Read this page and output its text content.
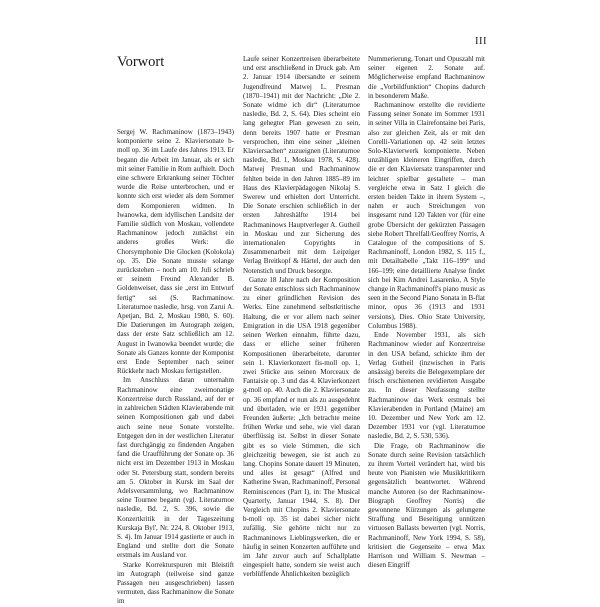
III
Vorwort

Sergej W. Rachmaninow (1873–1943) komponierte seine 2. Klaviersonate b-moll op. 36 im Laufe des Jahres 1913. Er begann die Arbeit im Januar, als er sich mit seiner Familie in Rom aufhielt. Doch eine schwere Erkrankung seiner Töchter wurde die Reise unterbrochen, und er konnte sich erst wieder als dem Sommer dem Komponieren widmen. In Iwanowka, dem idyllischen Landsitz der Familie südlich von Moskau, vollendete Rachmaninow jedoch zunächst ein anderes großes Werk: die Chorsymphonie Die Glocken (Kolokola) op. 35. Die Sonate musste solange zurückstehen – noch am 10. Juli schrieb er seinem Freund Alexander B. Goldenweiser, dass sie „erst im Entwurf fertig“ sei (S. Rachmaninow. Literaturnoe nasledie, hrsg. von Zarui A. Apetjan, Bd. 2, Moskau 1980, S. 60). Die Datierungen im Autograph zeigen, dass der erste Satz schließlich am 12. August in Iwanowka beendet wurde; die Sonate als Ganzes konnte der Komponist erst Ende September nach seiner Rückkehr nach Moskau fertigstellen.

Im Anschluss daran unternahm Rachmaninow eine zweimonatige Konzertreise durch Russland, auf der er in zahlreichen Städten Klavierabende mit seinen Kompositionen gab und dabei auch seine neue Sonate vorstellte. Entgegen den in der westlichen Literatur fast durchgängig zu findenden Angaben fand die Uraufführung der Sonate op. 36 nicht erst im Dezember 1913 in Moskau oder St. Petersburg statt, sondern bereits am 5. Oktober in Kursk im Saal der Adelsversammlung, wo Rachmaninow seine Tournee begann (vgl. Literaturnoe nasledie, Bd. 2, S. 396, sowie die Konzertkritik in der Tageszeitung Kurskaja Byl', Nr. 224, 8. Oktober 1913, S. 4). Im Januar 1914 gastierte er auch in England und stellte dort die Sonate erstmals im Ausland vor.

Starke Korrekturspuren mit Bleistift im Autograph (teilweise sind ganze Passagen neu ausgeschrieben) lassen vermuten, dass Rachmaninow die Sonate im

Laufe seiner Konzertreisen überarbeitete und erst anschließend in Druck gab. Am 2. Januar 1914 übersandte er seinem Jugendfreund Matwej L. Presman (1870–1941) mit der Nachricht: „Die 2. Sonate widme ich dir“ (Literaturnoe nasledie, Bd. 2, S. 64). Dies scheint ein lang gehegter Plan gewesen zu sein, denn bereits 1907 hatte er Presman versprochen, ihm eine seiner „kleinen Klaviersachen“ zuzueignen (Literaturnoe nasledie, Bd. 1, Moskau 1978, S. 428). Matwej Presman und Rachmaninow fehlten beide in den Jahren 1885–89 im Haus des Klavierpädagogen Nikolaj S. Swerew und erhielten dort Unterricht. Die Sonate erschien schließlich in der ersten Jahreshälfte 1914 bei Rachmaninows Hauptverleger A. Gutheil in Moskau und zur Sicherung des internationalen Copyrights in Zusammenarbeit mit dem Leipziger Verlag Breitkopf & Härtel, der auch den Notenstich und Druck besorgte.

Ganze 18 Jahre nach der Komposition der Sonate entschloss sich Rachmaninow zu einer gründlichen Revision des Werks. Eine zunehmend selbstkritische Haltung, die er vor allem nach seiner Emigration in die USA 1918 gegenüber seinen Werken einnahm, führte dazu, dass er elliche seiner früheren Kompositionen überarbeitete, darunter sein 1. Klavierkonzert fis-moll op. 1, zwei Stücke aus seinen Morceaux de Fantaisie op. 3 und das 4. Klavierkonzert g-moll op. 40. Auch die 2. Klaviersonate op. 36 empfand er nun als zu ausgedehnt und überladen, wie er 1931 gegenüber Freunden äußerte: „Ich betrachte meine frühen Werke und sehe, wie viel daran überflüssig ist. Selbst in dieser Sonate gibt es so viele Stimmen, die sich gleichzeitig bewegen, sie ist auch zu lang. Chopins Sonate dauert 19 Minuten, und alles ist gesagt“ (Alfred und Katherine Swan, Rachmaninoff, Personal Reminiscences (Part I), in: The Musical Quarterly, Januar 1944, S. 8). Der Vergleich mit Chopins 2. Klaviersonate b-moll op. 35 ist dabei sicher nicht zufällig. Sie gehörte nicht nur zu Rachmaninows Lieblingswerken, die er häufig in seinen Konzerten aufführte und im Jahr zuvor auch auf Schallplatte eingespielt hatte, sondern sie weist auch verblüffende Ähnlichkeiten bezüglich

Nummerierung, Tonart und Opuszahl mit seiner eigenen 2. Sonate auf. Möglicherweise empfand Rachmaninow die „Vorbildfunktion“ Chopins dadurch in besonderem Maße.

Rachmaninow erstellte die revidierte Fassung seiner Sonate im Sommer 1931 in seiner Villa in Clairefontaine bei Paris, also zur gleichen Zeit, als er mit den Corelli-Variationen op. 42 sein letztes Solo-Klavierwerk komponierte. Neben unzähligen kleineren Eingriffen, durch die er den Klaviersatz transparenter und leichter spielbar gestaltete – man vergleiche etwa in Satz I gleich die ersten beiden Takte in ihrem System –, nahm er auch Streichungen von insgesamt rund 120 Takten vor (für eine grobe Übersicht der gekürzten Passagen siehe Robert Threlfall/Geoffrey Norris, A Catalogue of the compositions of S. Rachmaninoff, London 1982, S. 115 f., mit Detailtabelle „Takt 116–199“ und 166–199; eine detaillierte Analyse findet sich bei Kim Andrei Lasarenko, A Style change in Rachmaninoff's piano music as seen in the Second Piano Sonata in B-flat minor, opus 36 (1913 and 1931 versions), Dies. Ohio State University, Columbus 1988).

Ende November 1931, als sich Rachmaninow wieder auf Konzertreise in den USA befand, schickte ihm der Verlag Gutheil (inzwischen in Paris ansässig) bereits die Belegexemplare der frisch erschienenen revidierten Ausgabe zu. In dieser Neufassung stellte Rachmaninow das Werk erstmals bei Klavierabenden in Portland (Maine) am 10. Dezember und New York am 12. Dezember 1931 vor (vgl. Literaturnoe nasledie, Bd. 2, S. 530, 536).

Die Frage, ob Rachmaninow die Sonate durch seine Revision tatsächlich zu ihrem Vorteil verändert hat, wird bis heute von Pianisten wie Musikkritikern gegensätzlich beantwortet. Während manche Autoren (so der Rachmaninow-Biograph Geoffrey Norris) die gewonnene Kürzungen als gelungene Straffung und Beseitigung unnützen virtuosen Ballasts bewerten (vgl. Norris, Rachmaninoff, New York 1994, S. 58), kritisiert die Gegenseite – etwa Max Harrison und William S. Newman – diesen Eingriff
